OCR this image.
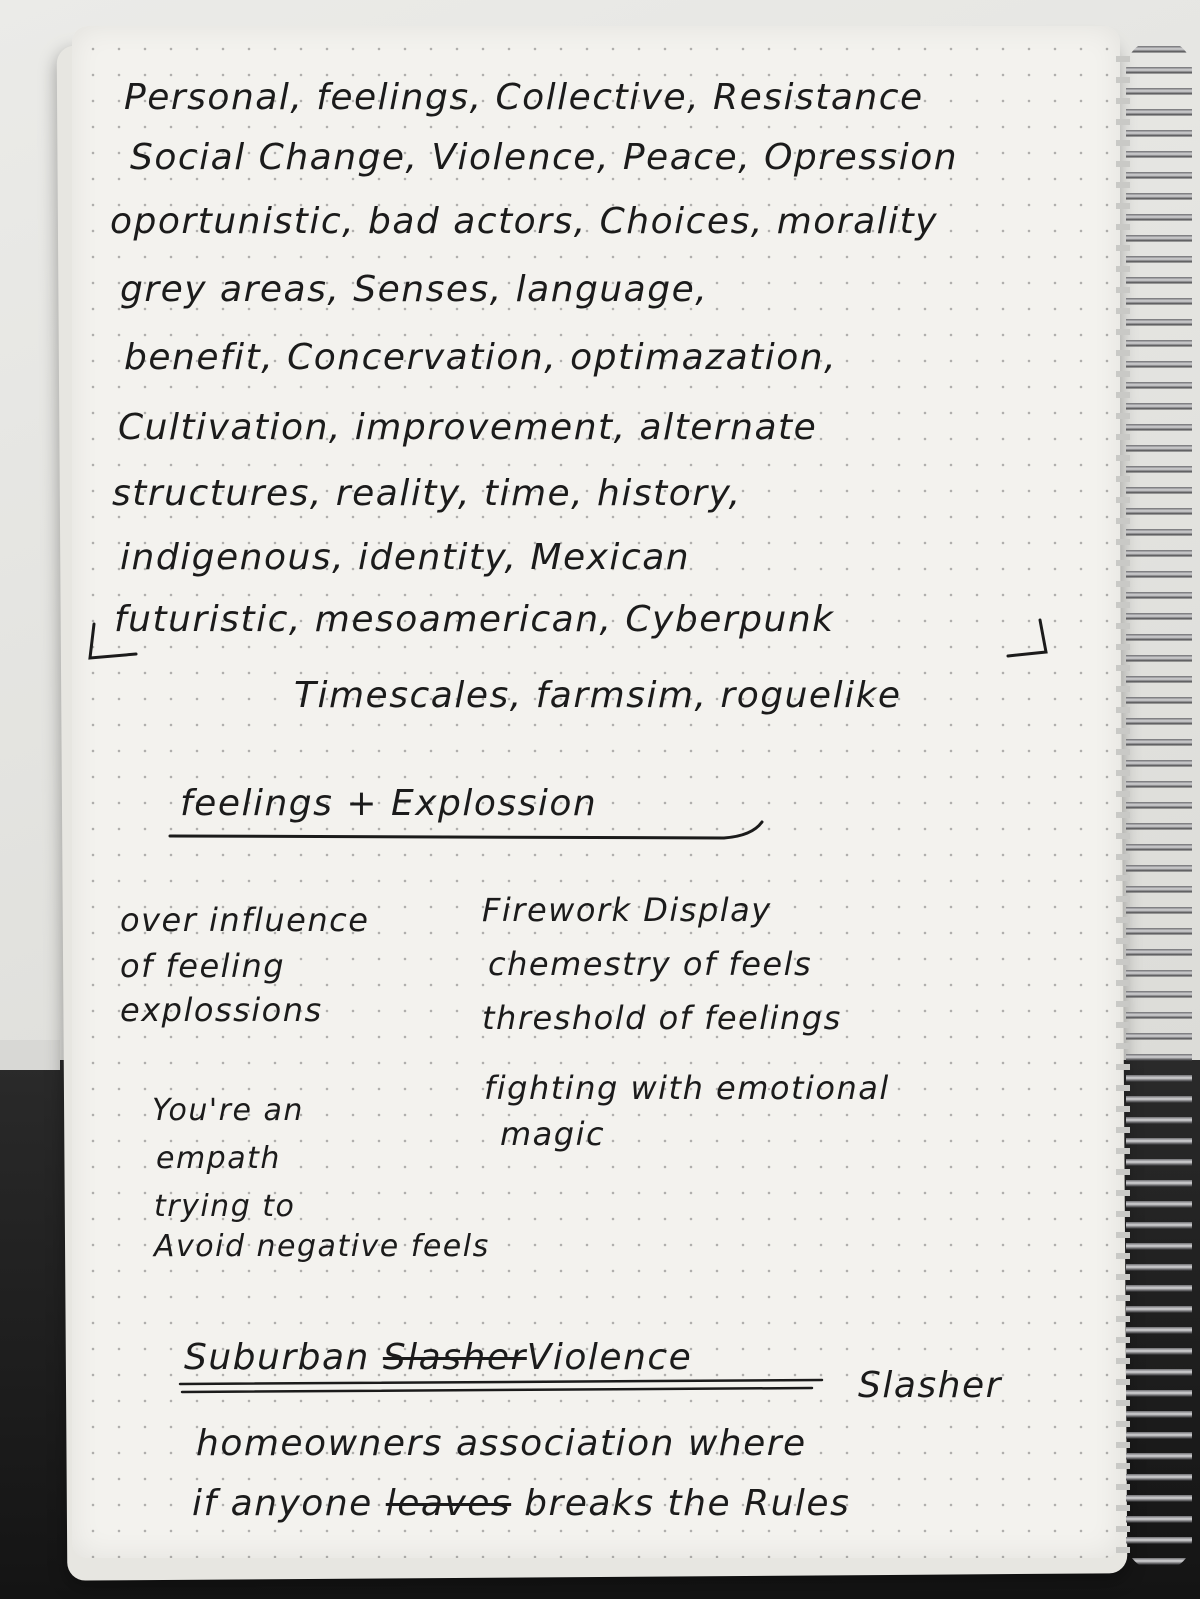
Personal, feelings, Collective, Resistance
Social Change, Violence, Peace, Opression
oportunistic, bad actors, Choices, morality
grey areas, Senses, language,
benefit, Concervation, optimazation,
Cultivation, improvement, alternate
structures, reality, time, history,
indigenous, identity, Mexican
futuristic, mesoamerican, Cyberpunk
Timescales, farmsim, roguelike
feelings + Explossion
over influence
of feeling
explossions
Firework Display
chemestry of feels
threshold of feelings
fighting with emotional
magic
You're an
empath
trying to
Avoid negative feels
Suburban SlasherViolence
Slasher
homeowners association where
if anyone leaves breaks the Rules
